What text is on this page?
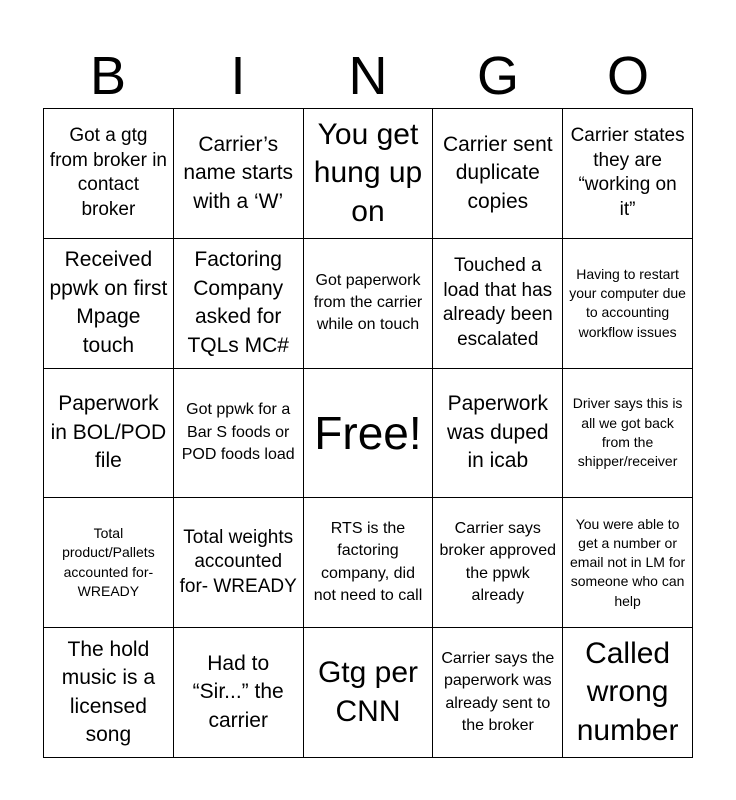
B	I	N	G	O
Got a gtg from broker in contact broker
Carrier’s name starts with a ‘W’
You get hung up on
Carrier sent duplicate copies
Carrier states they are “working on it”
Received ppwk on first Mpage touch
Factoring Company asked for TQLs MC#
Got paperwork from the carrier while on touch
Touched a load that has already been escalated
Having to restart your computer due to accounting workflow issues
Paperwork in BOL/POD file
Got ppwk for a Bar S foods or POD foods load Free!
Paperwork was duped in icab
Driver says this is all we got back from the shipper/receiver
Total product/Pallets accounted for- WREADY
Total weights accounted for- WREADY
RTS is the factoring company, did not need to call
Carrier says broker approved the ppwk already
You were able to get a number or email not in LM for someone who can help
The hold music is a licensed song
Had to “Sir...” the carrier
Gtg per CNN
Carrier says the paperwork was already sent to the broker
Called wrong number
